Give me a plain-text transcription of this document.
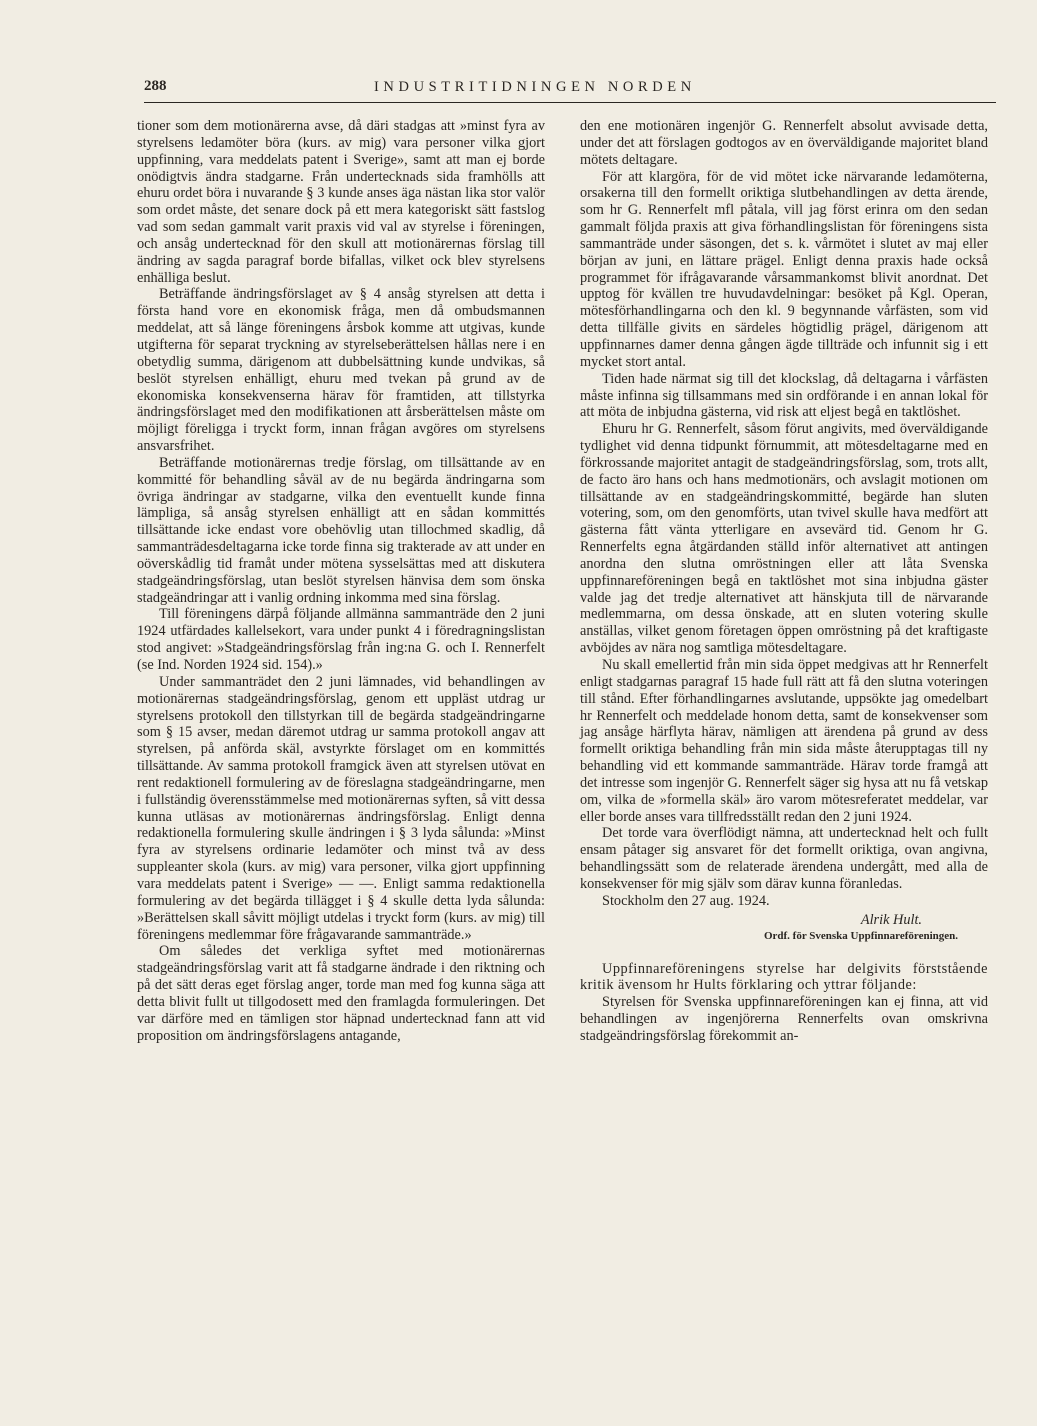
288	INDUSTRITIDNINGEN NORDEN

tioner som dem motionärerna avse, då däri stadgas att »minst fyra av styrelsens ledamöter böra (kurs. av mig) vara personer vilka gjort uppfinning, vara meddelats patent i Sverige», samt att man ej borde onödigtvis ändra stadgarne. Från undertecknads sida framhölls att ehuru ordet böra i nuvarande § 3 kunde anses äga nästan lika stor valör som ordet måste, det senare dock på ett mera kategoriskt sätt fastslog vad som sedan gammalt varit praxis vid val av styrelse i föreningen, och ansåg undertecknad för den skull att motionärernas förslag till ändring av sagda paragraf borde bifallas, vilket ock blev styrelsens enhälliga beslut.

Beträffande ändringsförslaget av § 4 ansåg styrelsen att detta i första hand vore en ekonomisk fråga, men då ombudsmannen meddelat, att så länge föreningens årsbok komme att utgivas, kunde utgifterna för separat tryckning av styrelseberättelsen hållas nere i en obetydlig summa, därigenom att dubbelsättning kunde undvikas, så beslöt styrelsen enhälligt, ehuru med tvekan på grund av de ekonomiska konsekvenserna härav för framtiden, att tillstyrka ändringsförslaget med den modifikationen att årsberättelsen måste om möjligt föreligga i tryckt form, innan frågan avgöres om styrelsens ansvarsfrihet.

Beträffande motionärernas tredje förslag, om tillsättande av en kommitté för behandling såväl av de nu begärda ändringarna som övriga ändringar av stadgarne, vilka den eventuellt kunde finna lämpliga, så ansåg styrelsen enhälligt att en sådan kommittés tillsättande icke endast vore obehövlig utan tillochmed skadlig, då sammanträdesdeltagarna icke torde finna sig trakterade av att under en oöverskådlig tid framåt under mötena sysselsättas med att diskutera stadgeändringsförslag, utan beslöt styrelsen hänvisa dem som önska stadgeändringar att i vanlig ordning inkomma med sina förslag.

Till föreningens därpå följande allmänna sammanträde den 2 juni 1924 utfärdades kallelsekort, vara under punkt 4 i föredragningslistan stod angivet: »Stadgeändringsförslag från ing:na G. och I. Rennerfelt (se Ind. Norden 1924 sid. 154).»

Under sammanträdet den 2 juni lämnades, vid behandlingen av motionärernas stadgeändringsförslag, genom ett uppläst utdrag ur styrelsens protokoll den tillstyrkan till de begärda stadgeändringarne som § 15 avser, medan däremot utdrag ur samma protokoll angav att styrelsen, på anförda skäl, avstyrkte förslaget om en kommittés tillsättande. Av samma protokoll framgick även att styrelsen utövat en rent redaktionell formulering av de föreslagna stadgeändringarne, men i fullständig överensstämmelse med motionärernas syften, så vitt dessa kunna utläsas av motionärernas ändringsförslag. Enligt denna redaktionella formulering skulle ändringen i § 3 lyda sålunda: »Minst fyra av styrelsens ordinarie ledamöter och minst två av dess suppleanter skola (kurs. av mig) vara personer, vilka gjort uppfinning vara meddelats patent i Sverige» — —. Enligt samma redaktionella formulering av det begärda tillägget i § 4 skulle detta lyda sålunda: »Berättelsen skall såvitt möjligt utdelas i tryckt form (kurs. av mig) till föreningens medlemmar före frågavarande sammanträde.»

Om således det verkliga syftet med motionärernas stadgeändringsförslag varit att få stadgarne ändrade i den riktning och på det sätt deras eget förslag anger, torde man med fog kunna säga att detta blivit fullt ut tillgodosett med den framlagda formuleringen. Det var därföre med en tämligen stor häpnad undertecknad fann att vid proposition om ändringsförslagens antagande,

den ene motionären ingenjör G. Rennerfelt absolut avvisade detta, under det att förslagen godtogos av en överväldigande majoritet bland mötets deltagare.

För att klargöra, för de vid mötet icke närvarande ledamöterna, orsakerna till den formellt oriktiga slutbehandlingen av detta ärende, som hr G. Rennerfelt mfl påtala, vill jag först erinra om den sedan gammalt följda praxis att giva förhandlingslistan för föreningens sista sammanträde under säsongen, det s. k. vårmötet i slutet av maj eller början av juni, en lättare prägel. Enligt denna praxis hade också programmet för ifrågavarande vårsammankomst blivit anordnat. Det upptog för kvällen tre huvudavdelningar: besöket på Kgl. Operan, mötesförhandlingarna och den kl. 9 begynnande vårfästen, som vid detta tillfälle givits en särdeles högtidlig prägel, därigenom att uppfinnarnes damer denna gången ägde tillträde och infunnit sig i ett mycket stort antal.

Tiden hade närmat sig till det klockslag, då deltagarna i vårfästen måste infinna sig tillsammans med sin ordförande i en annan lokal för att möta de inbjudna gästerna, vid risk att eljest begå en taktlöshet.

Ehuru hr G. Rennerfelt, såsom förut angivits, med överväldigande tydlighet vid denna tidpunkt förnummit, att mötesdeltagarne med en förkrossande majoritet antagit de stadgeändringsförslag, som, trots allt, de facto äro hans och hans medmotionärs, och avslagit motionen om tillsättande av en stadgeändringskommitté, begärde han sluten votering, som, om den genomförts, utan tvivel skulle hava medfört att gästerna fått vänta ytterligare en avsevärd tid. Genom hr G. Rennerfelts egna åtgärdanden ställd inför alternativet att antingen anordna den slutna omröstningen eller att låta Svenska uppfinnareföreningen begå en taktlöshet mot sina inbjudna gäster valde jag det tredje alternativet att hänskjuta till de närvarande medlemmarna, om dessa önskade, att en sluten votering skulle anställas, vilket genom företagen öppen omröstning på det kraftigaste avböjdes av nära nog samtliga mötesdeltagare.

Nu skall emellertid från min sida öppet medgivas att hr Rennerfelt enligt stadgarnas paragraf 15 hade full rätt att få den slutna voteringen till stånd. Efter förhandlingarnes avslutande, uppsökte jag omedelbart hr Rennerfelt och meddelade honom detta, samt de konsekvenser som jag ansåge härflyta härav, nämligen att ärendena på grund av dess formellt oriktiga behandling från min sida måste återupptagas till ny behandling vid ett kommande sammanträde. Härav torde framgå att det intresse som ingenjör G. Rennerfelt säger sig hysa att nu få vetskap om, vilka de »formella skäl» äro varom mötesreferatet meddelar, var eller borde anses vara tillfredsställt redan den 2 juni 1924.

Det torde vara överflödigt nämna, att undertecknad helt och fullt ensam påtager sig ansvaret för det formellt oriktiga, ovan angivna, behandlingssätt som de relaterade ärendena undergått, med alla de konsekvenser för mig själv som därav kunna föranledas.

Stockholm den 27 aug. 1924.

Alrik Hult.
Ordf. för Svenska Uppfinnareföreningen.

Uppfinnareföreningens styrelse har delgivits förststående kritik ävensom hr Hults förklaring och yttrar följande:

Styrelsen för Svenska uppfinnareföreningen kan ej finna, att vid behandlingen av ingenjörerna Rennerfelts ovan omskrivna stadgeändringsförslag förekommit an-
